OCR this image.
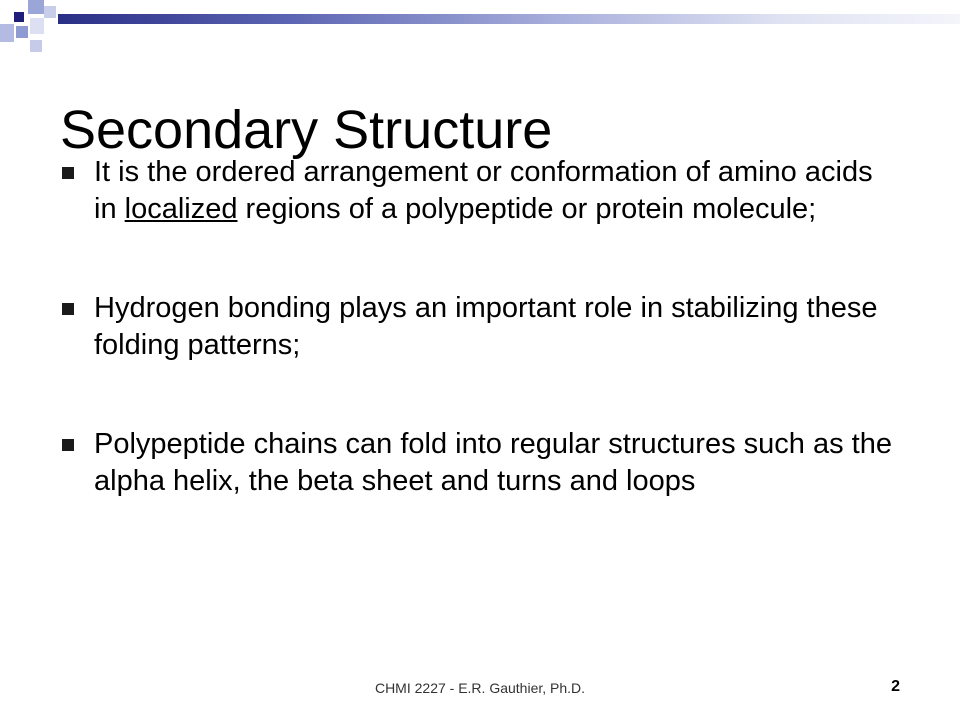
Secondary Structure
It is the ordered arrangement or conformation of amino acids in localized regions of a polypeptide or protein molecule;
Hydrogen bonding plays an important role in stabilizing these folding patterns;
Polypeptide chains can fold into regular structures such as the alpha helix, the beta sheet and turns and loops
CHMI 2227 - E.R. Gauthier, Ph.D.	2
